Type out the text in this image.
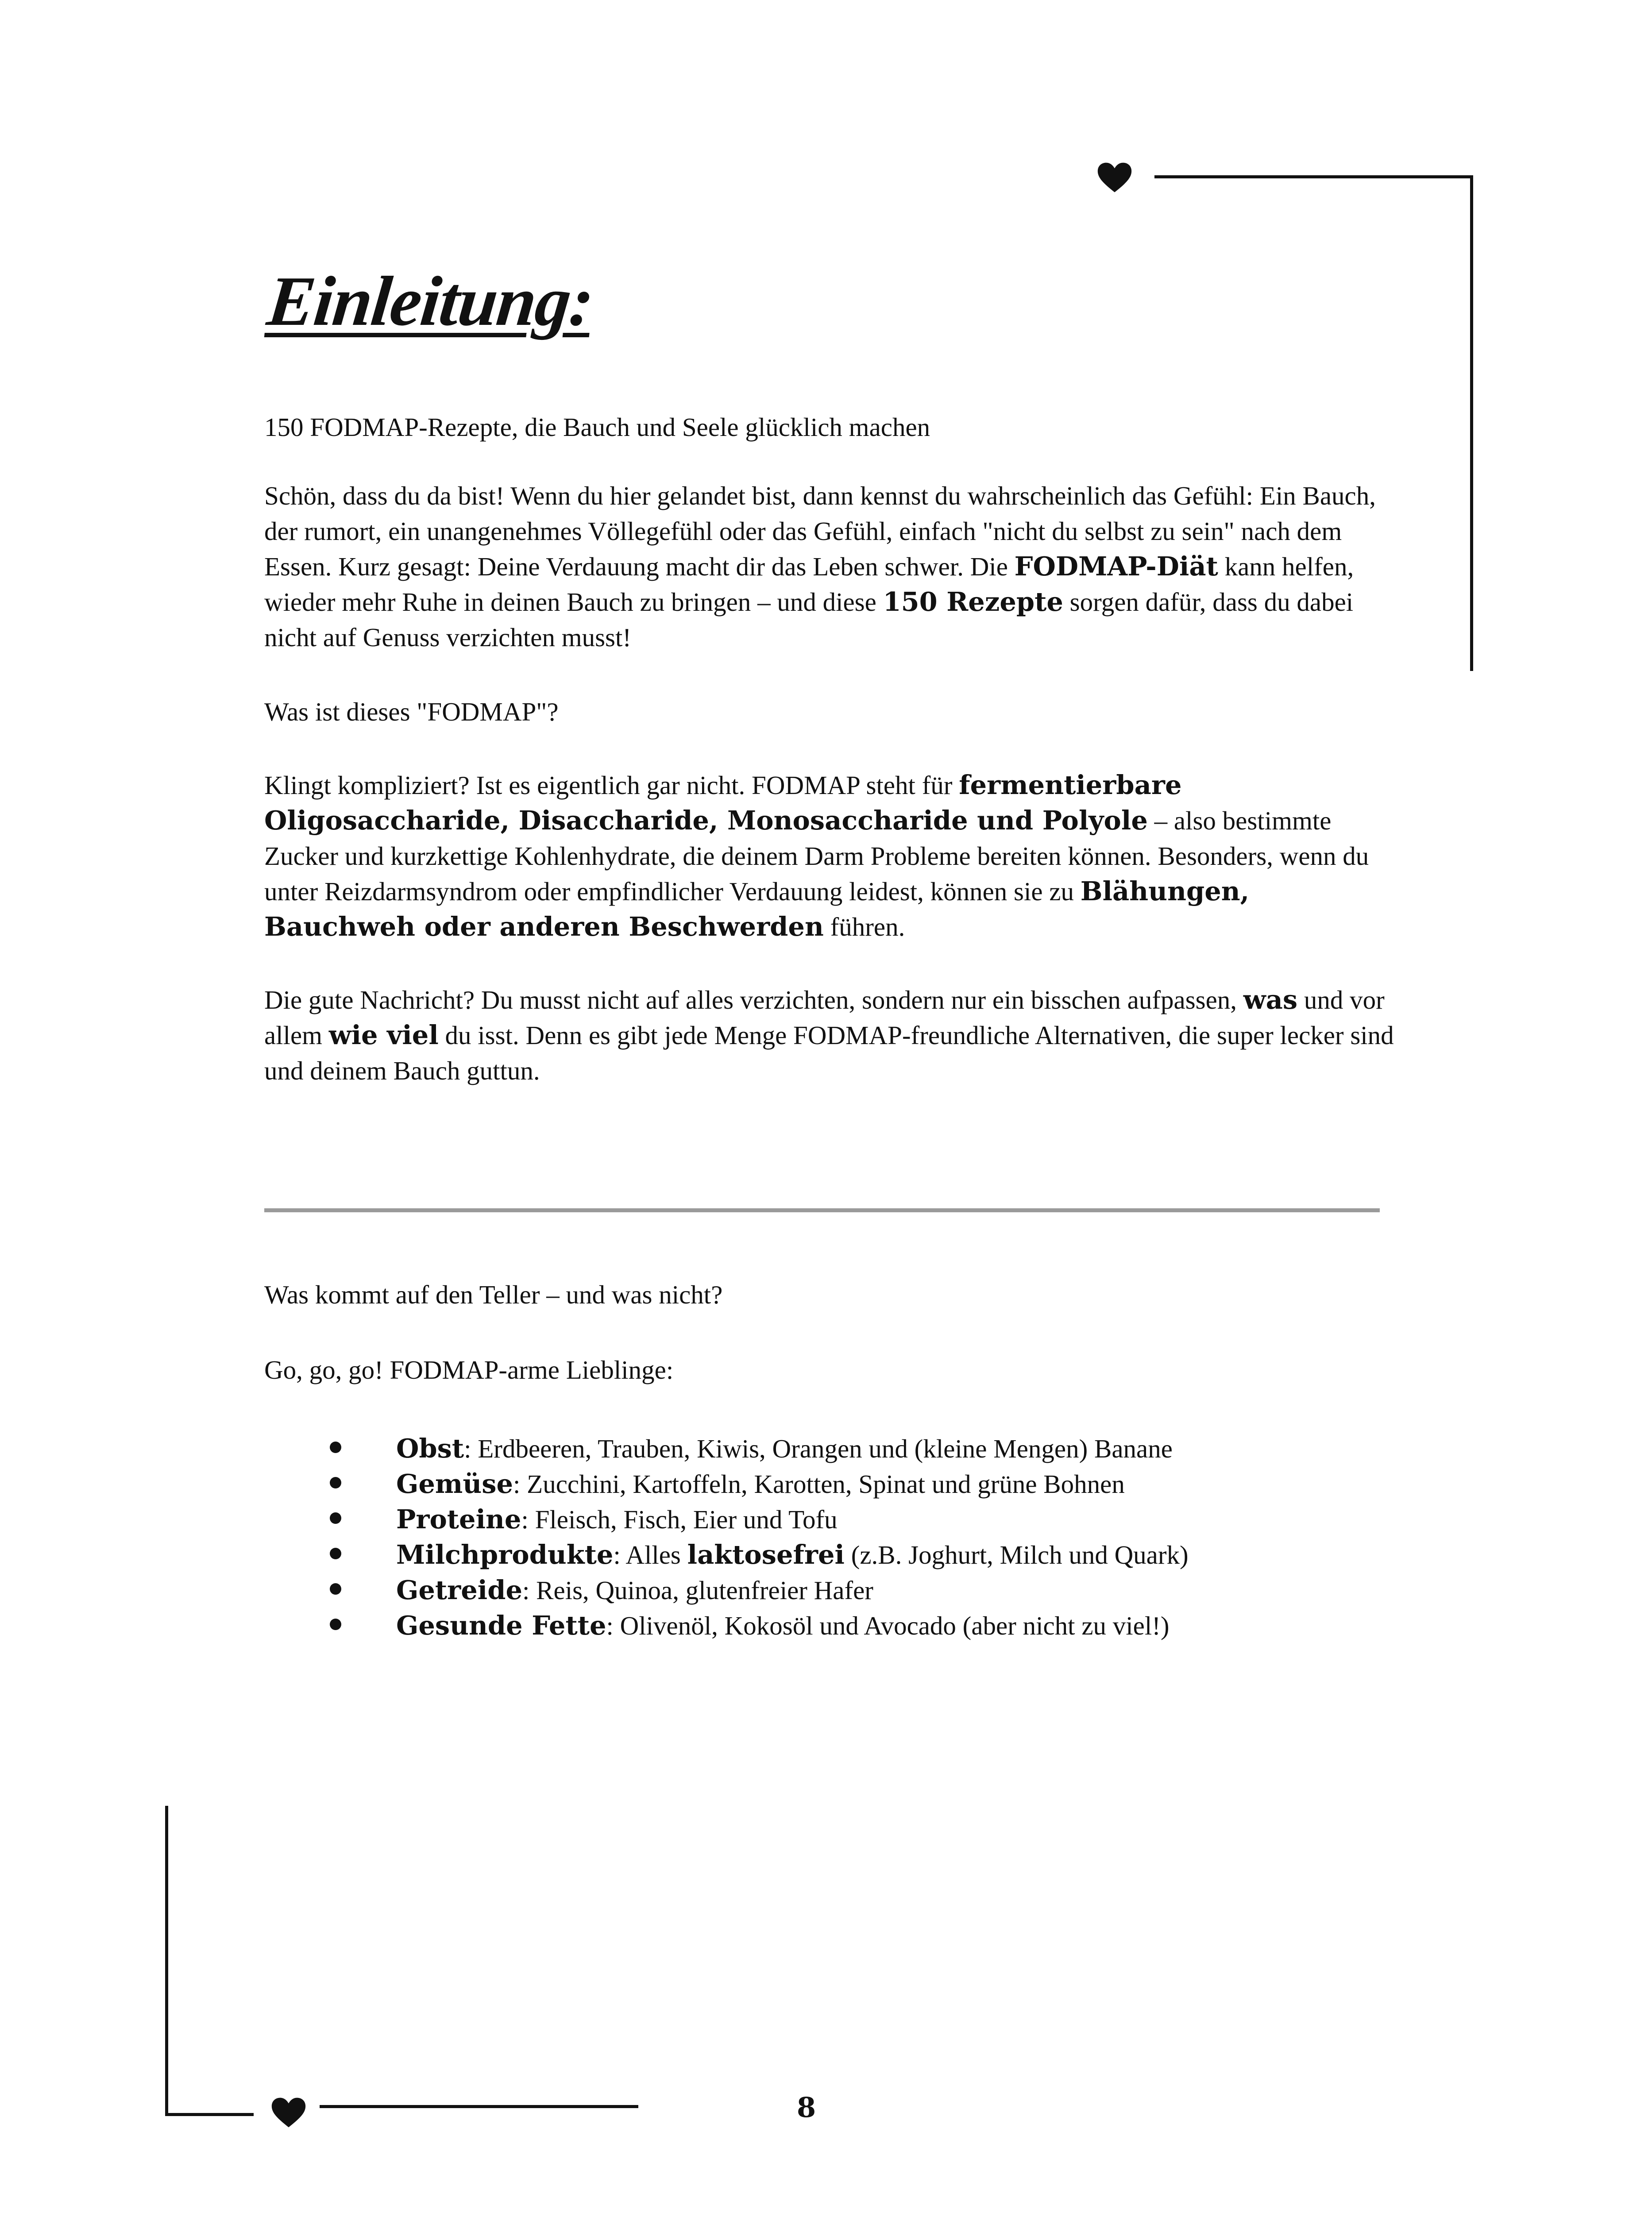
Einleitung:

150 FODMAP-Rezepte, die Bauch und Seele glücklich machen

Schön, dass du da bist! Wenn du hier gelandet bist, dann kennst du wahrscheinlich das Gefühl: Ein Bauch, der rumort, ein unangenehmes Völlegefühl oder das Gefühl, einfach "nicht du selbst zu sein" nach dem Essen. Kurz gesagt: Deine Verdauung macht dir das Leben schwer. Die FODMAP-Diät kann helfen, wieder mehr Ruhe in deinen Bauch zu bringen – und diese 150 Rezepte sorgen dafür, dass du dabei nicht auf Genuss verzichten musst!

Was ist dieses "FODMAP"?

Klingt kompliziert? Ist es eigentlich gar nicht. FODMAP steht für fermentierbare Oligosaccharide, Disaccharide, Monosaccharide und Polyole – also bestimmte Zucker und kurzkettige Kohlenhydrate, die deinem Darm Probleme bereiten können. Besonders, wenn du unter Reizdarmsyndrom oder empfindlicher Verdauung leidest, können sie zu Blähungen, Bauchweh oder anderen Beschwerden führen.

Die gute Nachricht? Du musst nicht auf alles verzichten, sondern nur ein bisschen aufpassen, was und vor allem wie viel du isst. Denn es gibt jede Menge FODMAP-freundliche Alternativen, die super lecker sind und deinem Bauch guttun.

Was kommt auf den Teller – und was nicht?

Go, go, go! FODMAP-arme Lieblinge:

Obst: Erdbeeren, Trauben, Kiwis, Orangen und (kleine Mengen) Banane
Gemüse: Zucchini, Kartoffeln, Karotten, Spinat und grüne Bohnen
Proteine: Fleisch, Fisch, Eier und Tofu
Milchprodukte: Alles laktosefrei (z.B. Joghurt, Milch und Quark)
Getreide: Reis, Quinoa, glutenfreier Hafer
Gesunde Fette: Olivenöl, Kokosöl und Avocado (aber nicht zu viel!)
8
